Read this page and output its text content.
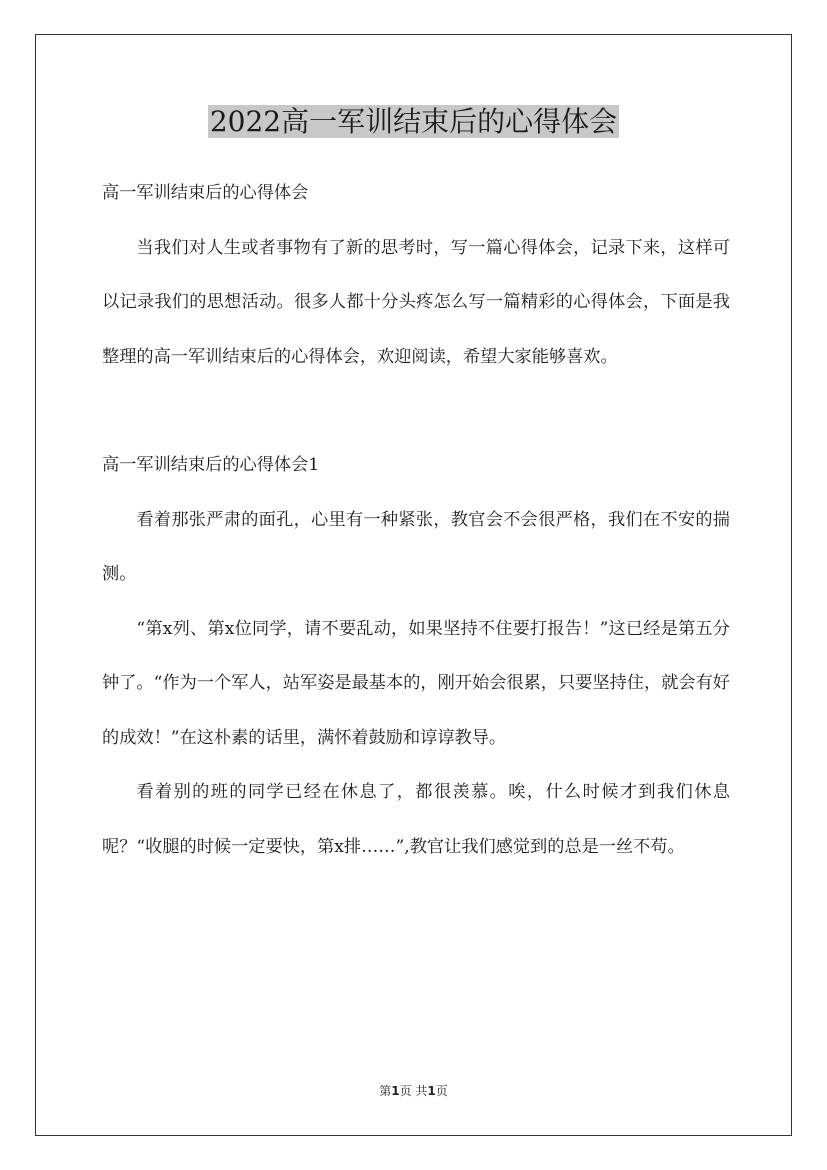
2022高一军训结束后的心得体会

高一军训结束后的心得体会

当我们对人生或者事物有了新的思考时，写一篇心得体会，记录下来，这样可以记录我们的思想活动。很多人都十分头疼怎么写一篇精彩的心得体会，下面是我整理的高一军训结束后的心得体会，欢迎阅读，希望大家能够喜欢。

高一军训结束后的心得体会1

看着那张严肃的面孔，心里有一种紧张，教官会不会很严格，我们在不安的揣测。

“第x列、第x位同学，请不要乱动，如果坚持不住要打报告！”这已经是第五分钟了。“作为一个军人，站军姿是最基本的，刚开始会很累，只要坚持住，就会有好的成效！”在这朴素的话里，满怀着鼓励和谆谆教导。

看着别的班的同学已经在休息了，都很羡慕。唉，什么时候才到我们休息呢？“收腿的时候一定要快，第x排……”,教官让我们感觉到的总是一丝不苟。

第1页 共1页
